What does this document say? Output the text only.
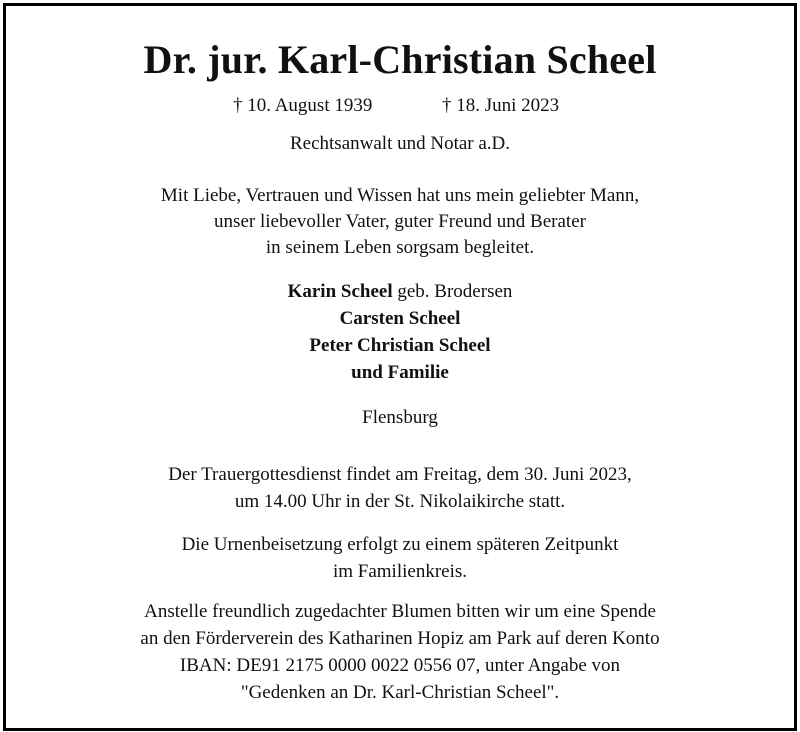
Dr. jur. Karl-Christian Scheel
† 10. August 1939	† 18. Juni 2023
Rechtsanwalt und Notar a.D.
Mit Liebe, Vertrauen und Wissen hat uns mein geliebter Mann,
unser liebevoller Vater, guter Freund und Berater
in seinem Leben sorgsam begleitet.
Karin Scheel geb. Brodersen
Carsten Scheel
Peter Christian Scheel
und Familie
Flensburg
Der Trauergottesdienst findet am Freitag, dem 30. Juni 2023,
um 14.00 Uhr in der St. Nikolaikirche statt.
Die Urnenbeisetzung erfolgt zu einem späteren Zeitpunkt
im Familienkreis.
Anstelle freundlich zugedachter Blumen bitten wir um eine Spende
an den Förderverein des Katharinen Hopiz am Park auf deren Konto
IBAN: DE91 2175 0000 0022 0556 07, unter Angabe von
"Gedenken an Dr. Karl-Christian Scheel".
